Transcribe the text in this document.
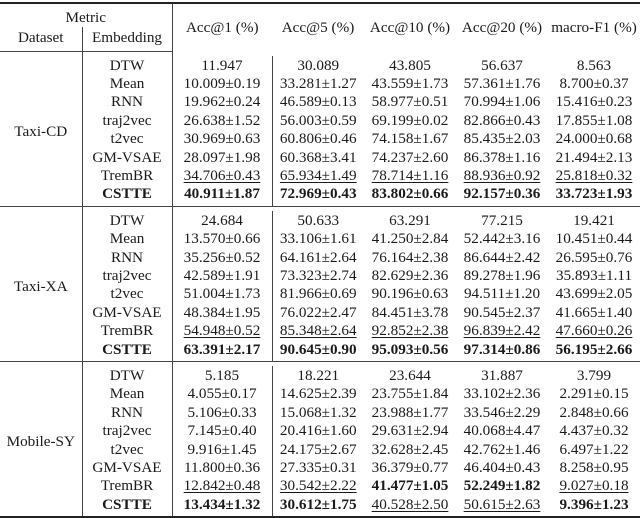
Metric		Acc@1 (%)	Acc@5 (%)	Acc@10 (%)	Acc@20 (%)	macro-F1 (%)
Dataset	Embedding					

Taxi-CD	DTW	11.947	30.089	43.805	56.637	8.563
	Mean	10.009±0.19	33.281±1.27	43.559±1.73	57.361±1.76	8.700±0.37
	RNN	19.962±0.24	46.589±0.13	58.977±0.51	70.994±1.06	15.416±0.23
	traj2vec	26.638±1.52	56.003±0.59	69.199±0.02	82.866±0.43	17.855±1.08
	t2vec	30.969±0.63	60.806±0.46	74.158±1.67	85.435±2.03	24.000±0.68
	GM-VSAE	28.097±1.98	60.368±3.41	74.237±2.60	86.378±1.16	21.494±2.13
	TremBR	34.706±0.43	65.934±1.49	78.714±1.16	88.936±0.92	25.818±0.32
	CSTTE	40.911±1.87	72.969±0.43	83.802±0.66	92.157±0.36	33.723±1.93

Taxi-XA	DTW	24.684	50.633	63.291	77.215	19.421
	Mean	13.570±0.66	33.106±1.61	41.250±2.84	52.442±3.16	10.451±0.44
	RNN	35.256±0.52	64.161±2.64	76.164±2.38	86.644±2.42	26.595±0.76
	traj2vec	42.589±1.91	73.323±2.74	82.629±2.36	89.278±1.96	35.893±1.11
	t2vec	51.004±1.73	81.966±0.69	90.196±0.63	94.511±1.20	43.699±2.05
	GM-VSAE	48.384±1.95	76.022±2.47	84.451±3.78	90.545±2.37	41.665±1.40
	TremBR	54.948±0.52	85.348±2.64	92.852±2.38	96.839±2.42	47.660±0.26
	CSTTE	63.391±2.17	90.645±0.90	95.093±0.56	97.314±0.86	56.195±2.66

Mobile-SY	DTW	5.185	18.221	23.644	31.887	3.799
	Mean	4.055±0.17	14.625±2.39	23.755±1.84	33.102±2.36	2.291±0.15
	RNN	5.106±0.33	15.068±1.32	23.988±1.77	33.546±2.29	2.848±0.66
	traj2vec	7.145±0.40	20.416±1.60	29.631±2.94	40.068±4.47	4.437±0.32
	t2vec	9.916±1.45	24.175±2.67	32.628±2.45	42.762±1.46	6.497±1.22
	GM-VSAE	11.800±0.36	27.335±0.31	36.379±0.77	46.404±0.43	8.258±0.95
	TremBR	12.842±0.48	30.542±2.22	41.477±1.05	52.249±1.82	9.027±0.18
	CSTTE	13.434±1.32	30.612±1.75	40.528±2.50	50.615±2.63	9.396±1.23
